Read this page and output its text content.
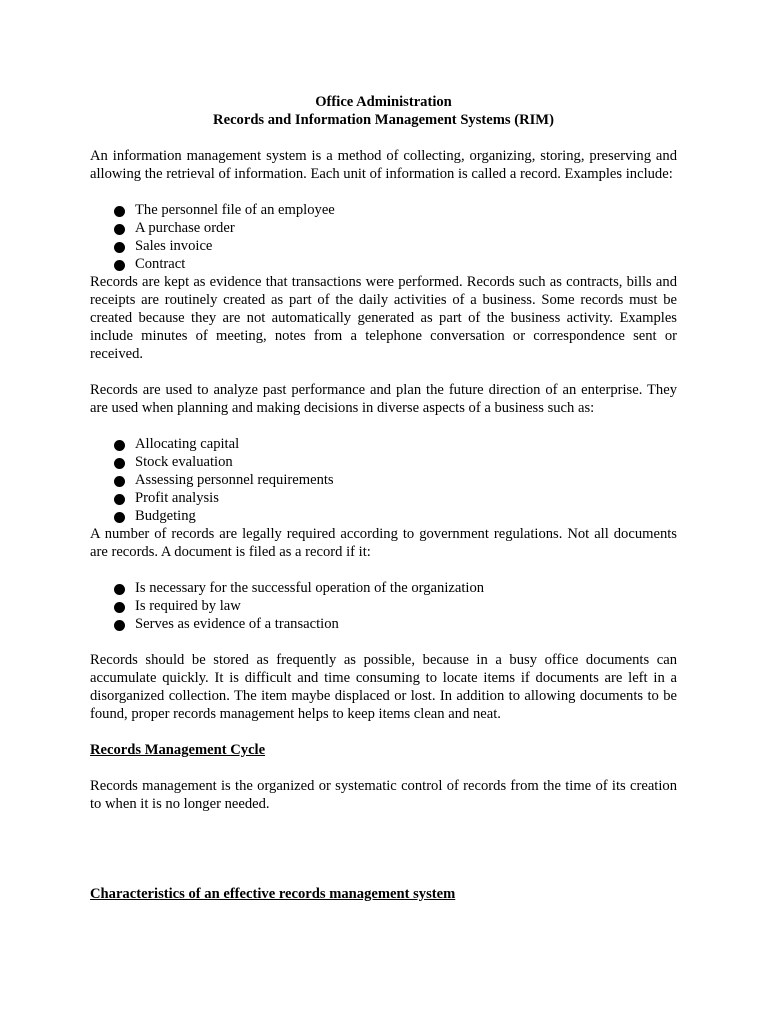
Office Administration

Records and Information Management Systems (RIM)

An information management system is a method of collecting, organizing, storing, preserving and allowing the retrieval of information. Each unit of information is called a record. Examples include:

The personnel file of an employee
A purchase order
Sales invoice
Contract

Records are kept as evidence that transactions were performed. Records such as contracts, bills and receipts are routinely created as part of the daily activities of a business. Some records must be created because they are not automatically generated as part of the business activity. Examples include minutes of meeting, notes from a telephone conversation or correspondence sent or received.

Records are used to analyze past performance and plan the future direction of an enterprise. They are used when planning and making decisions in diverse aspects of a business such as:

Allocating capital
Stock evaluation
Assessing personnel requirements
Profit analysis
Budgeting

A number of records are legally required according to government regulations. Not all documents are records. A document is filed as a record if it:

Is necessary for the successful operation of the organization
Is required by law
Serves as evidence of a transaction

Records should be stored as frequently as possible, because in a busy office documents can accumulate quickly. It is difficult and time consuming to locate items if documents are left in a disorganized collection. The item maybe displaced or lost. In addition to allowing documents to be found, proper records management helps to keep items clean and neat.

Records Management Cycle

Records management is the organized or systematic control of records from the time of its creation to when it is no longer needed.

Characteristics of an effective records management system
